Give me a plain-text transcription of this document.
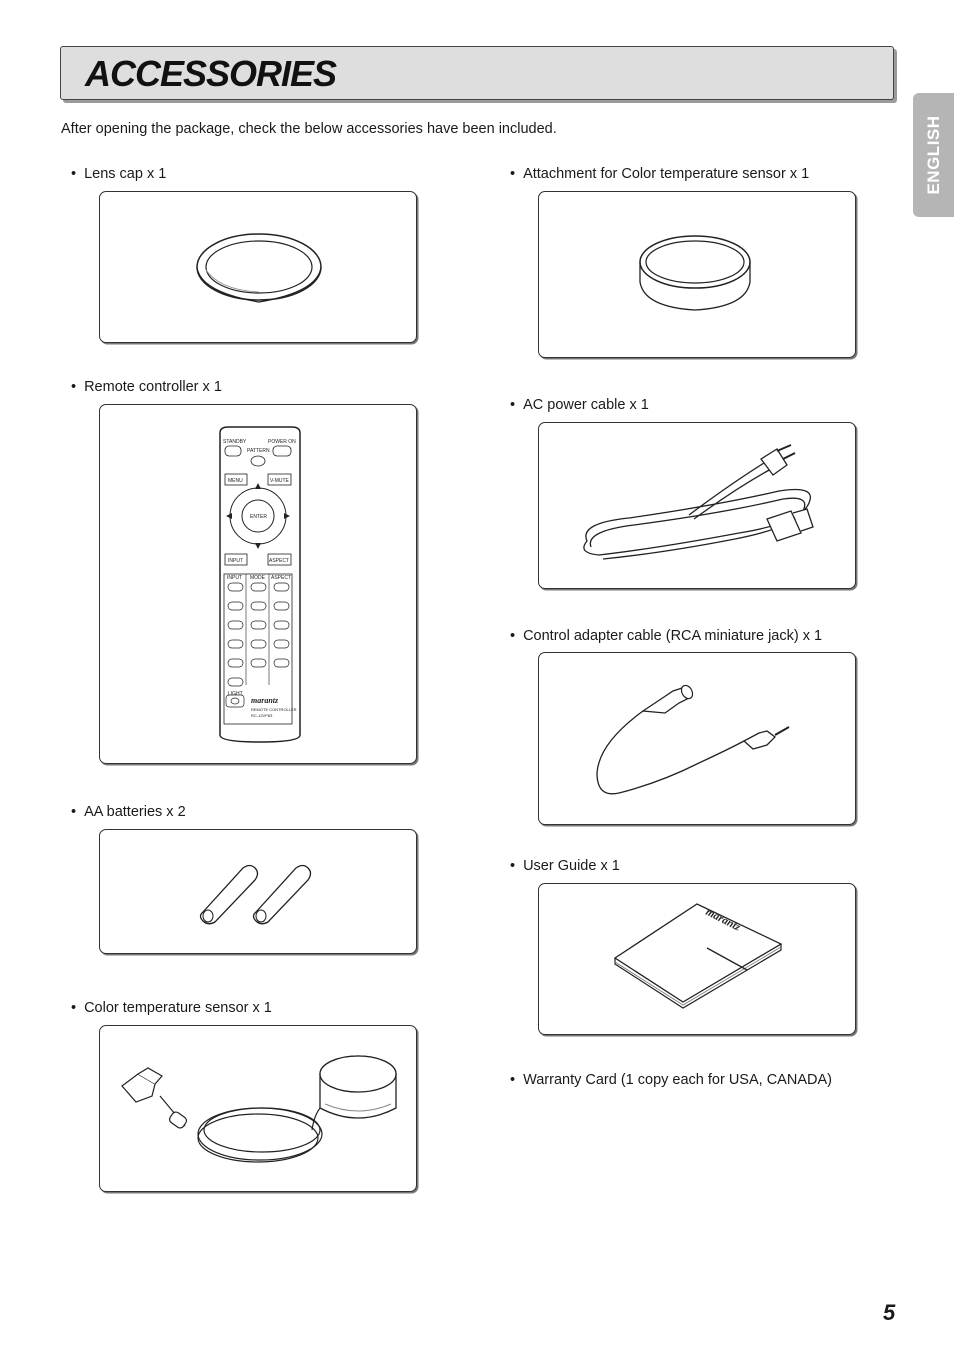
ACCESSORIES
ENGLISH

After opening the package, check the below accessories have been included.

• Lens cap x 1
• Remote controller x 1
STANDBY	POWER ON
PATTERN
MENU	V-MUTE
ENTER
INPUT	ASPECT
INPUT MODE ASPECT
LIGHT
marantz
REMOTE CONTROLLER
RC-12VP83
• AA batteries x 2
• Color temperature sensor x 1
• Attachment for Color temperature sensor x 1
• AC power cable x 1
• Control adapter cable (RCA miniature jack) x 1
• User Guide x 1
marantz
• Warranty Card (1 copy each for USA, CANADA)
5
